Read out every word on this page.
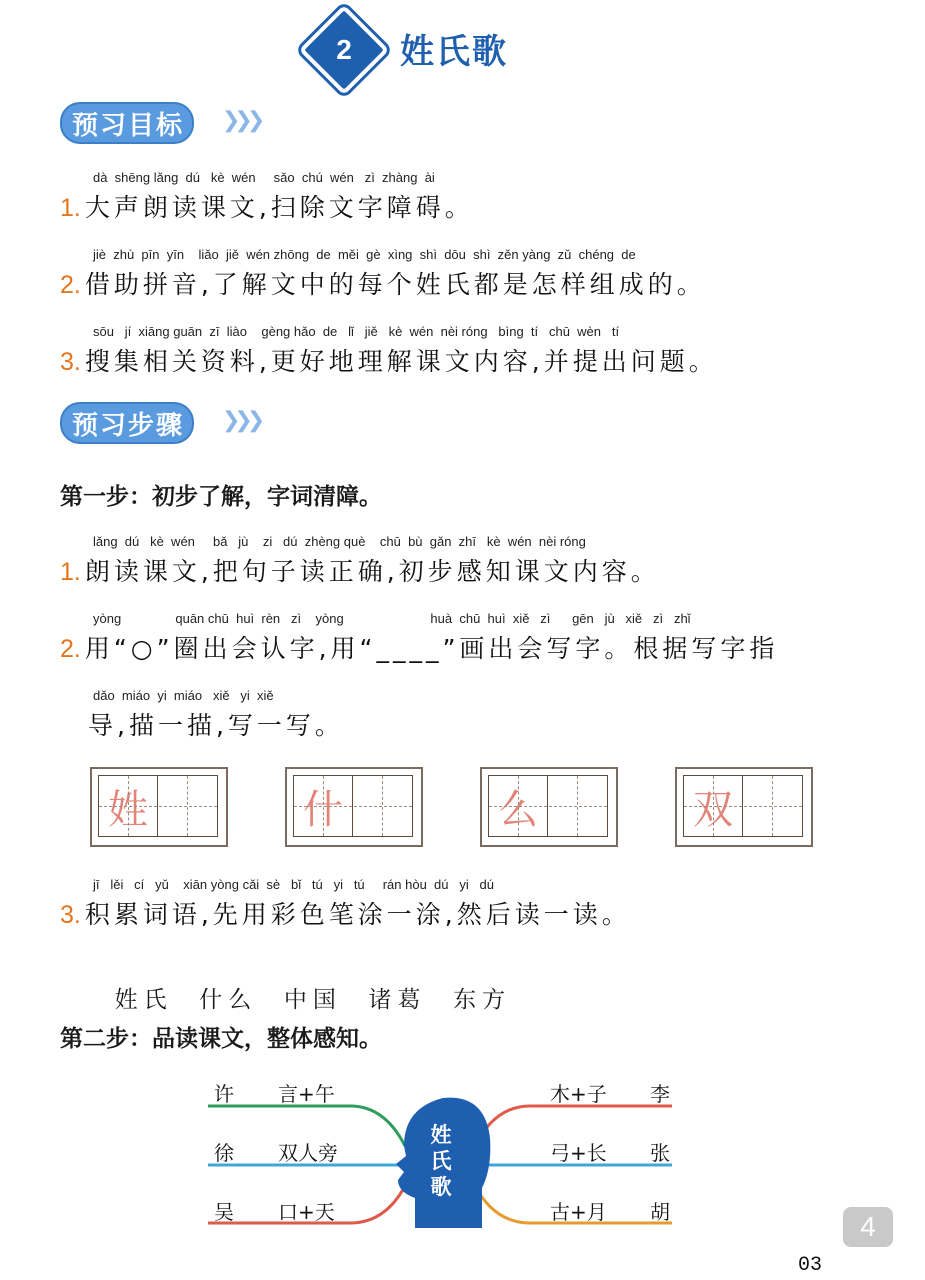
2	姓氏歌
预习目标	❯❯❯
dà  shēng lǎng  dú   kè  wén     sǎo  chú  wén   zì  zhàng  ài
1. 大声朗读课文,扫除文字障碍。
jiè  zhù  pīn  yīn    liǎo  jiě  wén zhōng  de  měi  gè  xìng  shì  dōu  shì  zěn yàng  zǔ  chéng  de
2. 借助拼音,了解文中的每个姓氏都是怎样组成的。
sōu   jí  xiāng guān  zī  liào    gèng hǎo  de   lǐ   jiě   kè  wén  nèi róng   bìng  tí   chū  wèn   tí
3. 搜集相关资料,更好地理解课文内容,并提出问题。
预习步骤	❯❯❯
第一步：初步了解，字词清障。
lǎng  dú   kè  wén     bǎ   jù    zi   dú  zhèng què    chū  bù  gǎn  zhī   kè  wén  nèi róng
1. 朗读课文,把句子读正确,初步感知课文内容。
yòng               quān chū  huì  rèn   zì    yòng                        huà  chū  huì  xiě   zì      gēn   jù   xiě   zì   zhǐ
2. 用“○”圈出会认字,用“____”画出会写字。根据写字指
dǎo  miáo  yi  miáo   xiě   yi  xiě
导,描一描,写一写。
姓	什	么	双
jī   lěi   cí   yǔ    xiān yòng cǎi  sè   bǐ   tú   yi   tú     rán hòu  dú   yi   dú
3. 积累词语,先用彩色笔涂一涂,然后读一读。

姓氏 什么 中国 诸葛 东方

第二步：品读课文，整体感知。
姓
氏
歌
许 言+午
徐 双人旁
吴 口+天
木+子 李
弓+长 张
古+月 胡	4
03
